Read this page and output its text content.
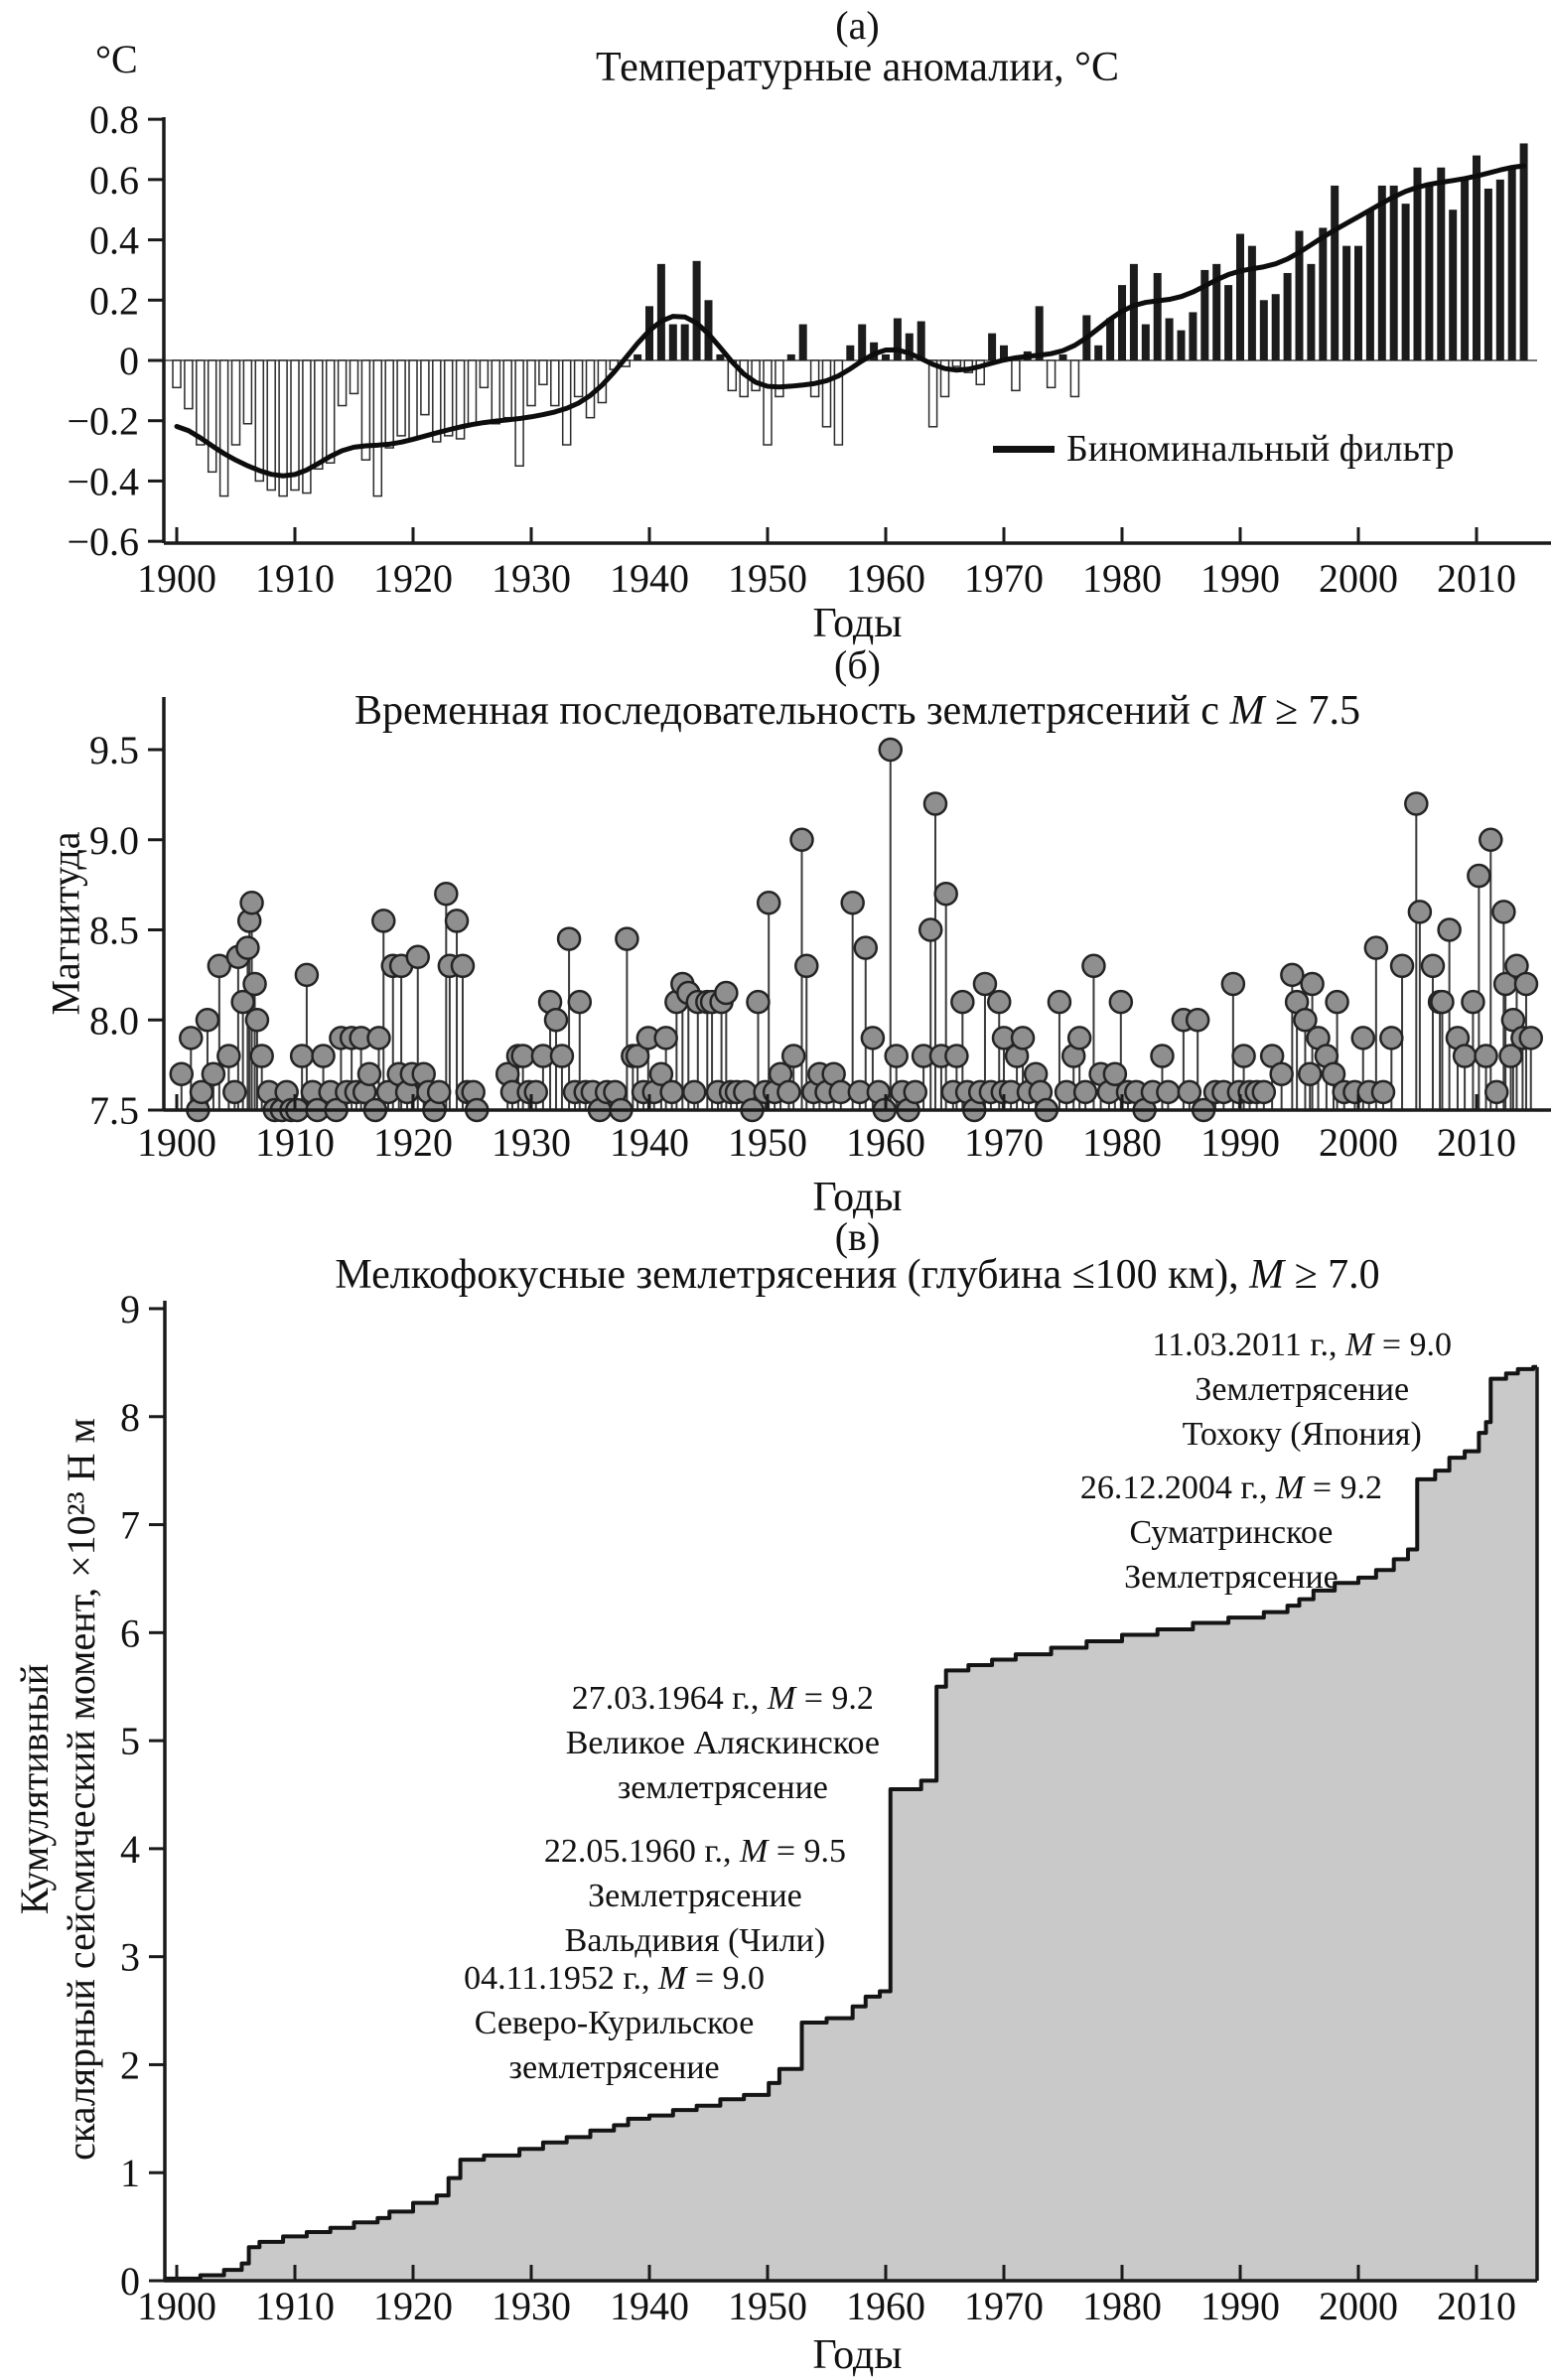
0.8
0.6
0.4
0.2
0
−0.2
−0.4
−0.6
1900 1910 1920 1930 1940 1950 1960 1970 1980 1990 2000 2010
9.5
9.0
8.5
8.0
7.5
1900 1910 1920 1930 1940 1950 1960 1970 1980 1990 2000 2010
0
1
2
3
4
5
6
7
8
9
1900 1910 1920 1930 1940 1950 1960 1970 1980 1990 2000 2010
(а)
Температурные аномалии, °C
°C
Биноминальный фильтр
Годы
(б)
Временная последовательность землетрясений с M ≥ 7.5
Магнитуда
Годы
(в)
Мелкофокусные землетрясения (глубина ≤100 км), M ≥ 7.0
Кумулятивный скалярный сейсмический момент, ×10²³ Н м
Годы
11.03.2011 г., M = 9.0
Землетрясение
Тохоку (Япония)
26.12.2004 г., M = 9.2
Суматринское
Землетрясение
27.03.1964 г., M = 9.2
Великое Аляскинское
землетрясение
22.05.1960 г., M = 9.5
Землетрясение
Вальдивия (Чили)
04.11.1952 г., M = 9.0
Северо-Курильское
землетрясение
